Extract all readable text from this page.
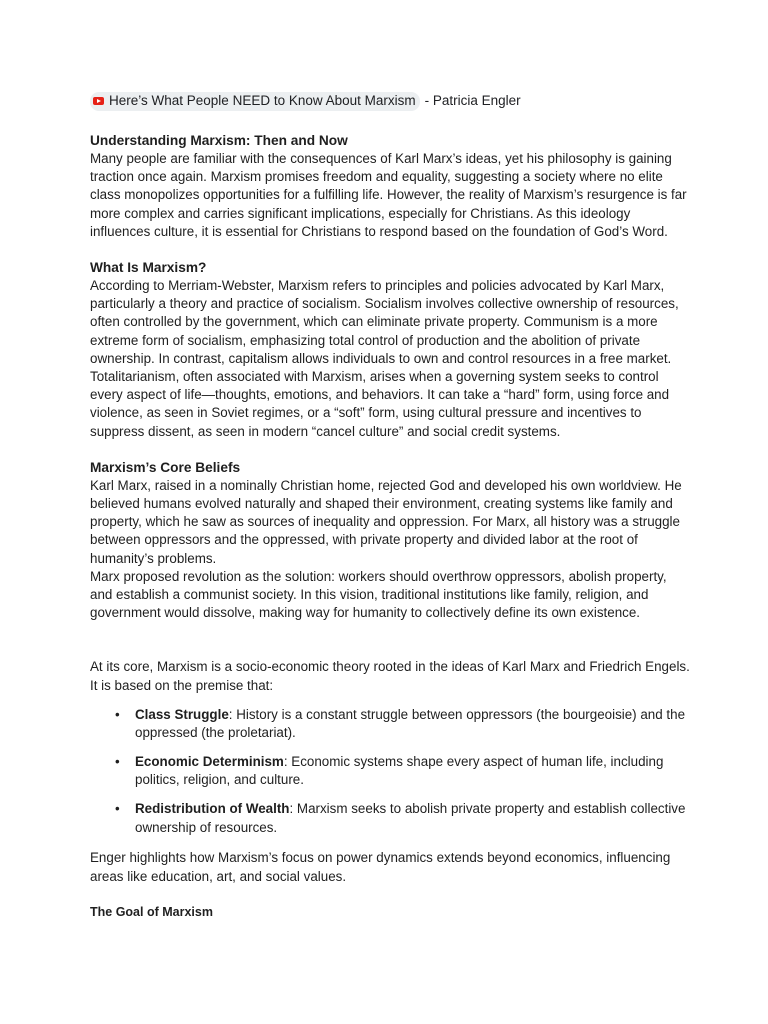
Here’s What People NEED to Know About Marxism - Patricia Engler
Understanding Marxism: Then and Now

Many people are familiar with the consequences of Karl Marx’s ideas, yet his philosophy is gaining traction once again. Marxism promises freedom and equality, suggesting a society where no elite class monopolizes opportunities for a fulfilling life. However, the reality of Marxism’s resurgence is far more complex and carries significant implications, especially for Christians. As this ideology influences culture, it is essential for Christians to respond based on the foundation of God’s Word.

What Is Marxism?

According to Merriam-Webster, Marxism refers to principles and policies advocated by Karl Marx, particularly a theory and practice of socialism. Socialism involves collective ownership of resources, often controlled by the government, which can eliminate private property. Communism is a more extreme form of socialism, emphasizing total control of production and the abolition of private ownership. In contrast, capitalism allows individuals to own and control resources in a free market. Totalitarianism, often associated with Marxism, arises when a governing system seeks to control every aspect of life—thoughts, emotions, and behaviors. It can take a “hard” form, using force and violence, as seen in Soviet regimes, or a “soft” form, using cultural pressure and incentives to suppress dissent, as seen in modern “cancel culture” and social credit systems.

Marxism’s Core Beliefs

Karl Marx, raised in a nominally Christian home, rejected God and developed his own worldview. He believed humans evolved naturally and shaped their environment, creating systems like family and property, which he saw as sources of inequality and oppression. For Marx, all history was a struggle between oppressors and the oppressed, with private property and divided labor at the root of humanity’s problems.

Marx proposed revolution as the solution: workers should overthrow oppressors, abolish property, and establish a communist society. In this vision, traditional institutions like family, religion, and government would dissolve, making way for humanity to collectively define its own existence.

At its core, Marxism is a socio-economic theory rooted in the ideas of Karl Marx and Friedrich Engels. It is based on the premise that:

• Class Struggle: History is a constant struggle between oppressors (the bourgeoisie) and the oppressed (the proletariat).
• Economic Determinism: Economic systems shape every aspect of human life, including politics, religion, and culture.
• Redistribution of Wealth: Marxism seeks to abolish private property and establish collective ownership of resources.

Enger highlights how Marxism’s focus on power dynamics extends beyond economics, influencing areas like education, art, and social values.

The Goal of Marxism
